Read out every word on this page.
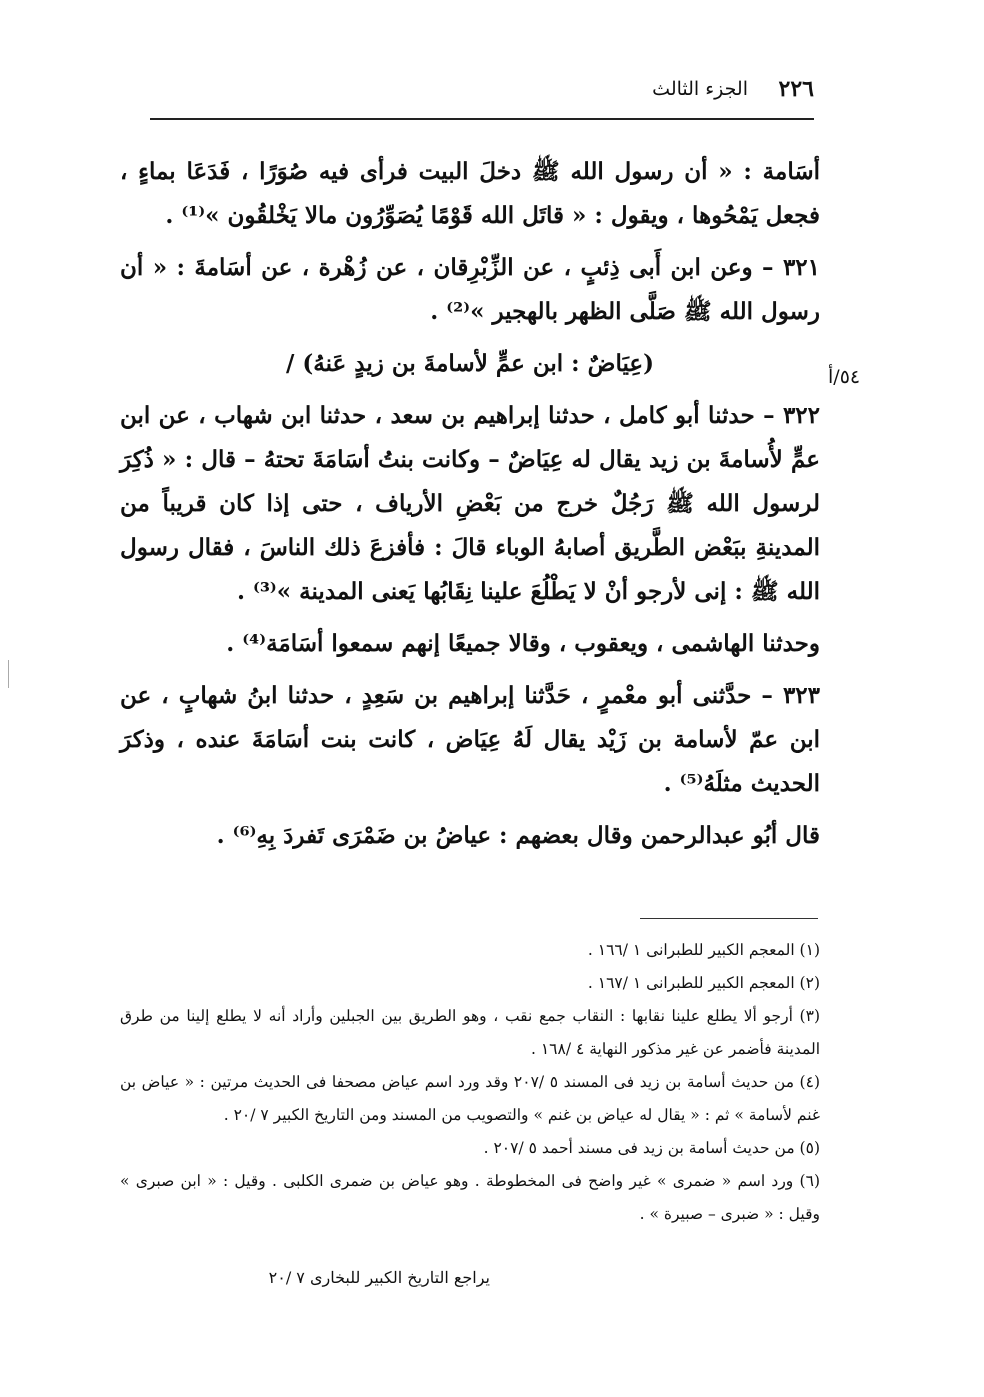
٢٢٦
الجزء الثالث
٥٤/أ

أسَامة : « أن رسول الله ﷺ دخلَ البيت فرأى فيه صُوَرًا ، فَدَعَا بماءٍ ، فجعل يَمْحُوها ، ويقول : « قاتَل الله قَوْمًا يُصَوِّرُون مالا يَخْلقُون »⁽¹⁾ .

٣٢١ – وعن ابن أَبى ذِئبٍ ، عن الزِّبْرِقان ، عن زُهْرة ، عن أسَامةَ : « أن رسول الله ﷺ صَلَّى الظهر بالهجير »⁽²⁾ .

(عِيَاضٌ : ابن عمٍّ لأسامةَ بن زيدٍ عَنهُ) /

٣٢٢ – حدثنا أبو كامل ، حدثنا إبراهيم بن سعد ، حدثنا ابن شهاب ، عن ابن عمٍّ لأُسامةَ بن زيد يقال له عِيَاضٌ – وكانت بنتُ أسَامَةَ تحتهُ – قال : « ذُكِرَ لرسول الله ﷺ رَجُلٌ خرج من بَعْضِ الأرياف ، حتى إذا كان قريباً من المدينةِ ببَعْض الطَّريق أصابهُ الوباء قالَ : فأفزعَ ذلك الناسَ ، فقال رسول الله ﷺ : إنى لأرجو أنْ لا يَطْلُعَ علينا نِقَابُها يَعنى المدينة »⁽³⁾ .

وحدثنا الهاشمى ، ويعقوب ، وقالا جميعًا إنهم سمعوا أسَامَة⁽⁴⁾ .

٣٢٣ – حدَّثنى أبو معْمرٍ ، حَدَّثنا إبراهيم بن سَعِدٍ ، حدثنا ابنُ شهابٍ ، عن ابن عمّ لأسامة بن زَيْد يقال لَهُ عِيَاض ، كانت بنت أسَامَةَ عنده ، وذكرَ الحديث مثلَهُ⁽⁵⁾ .

قال أبُو عبدالرحمن وقال بعضهم : عياضُ بن ضَمْرَى تَفردَ بِهِ⁽⁶⁾ .

(١) المعجم الكبير للطبرانى ١ /١٦٦ .

(٢) المعجم الكبير للطبرانى ١ /١٦٧ .

(٣) أرجو ألا يطلع علينا نقابها : النقاب جمع نقب ، وهو الطريق بين الجبلين وأراد أنه لا يطلع إلينا من طرق المدينة فأضمر عن غير مذكور النهاية ٤ /١٦٨ .

(٤) من حديث أسامة بن زيد فى المسند ٥ /٢٠٧ وقد ورد اسم عياض مصحفا فى الحديث مرتين : « عياض بن غنم لأسامة » ثم : « يقال له عياض بن غنم » والتصويب من المسند ومن التاريخ الكبير ٧ /٢٠ .

(٥) من حديث أسامة بن زيد فى مسند أحمد ٥ /٢٠٧ .

(٦) ورد اسم « ضمرى » غير واضح فى المخطوطة . وهو عياض بن ضمرى الكلبى . وقيل : « ابن صبرى » وقيل : « ضبرى – صبيرة » .

يراجع التاريخ الكبير للبخارى ٧ /٢٠
